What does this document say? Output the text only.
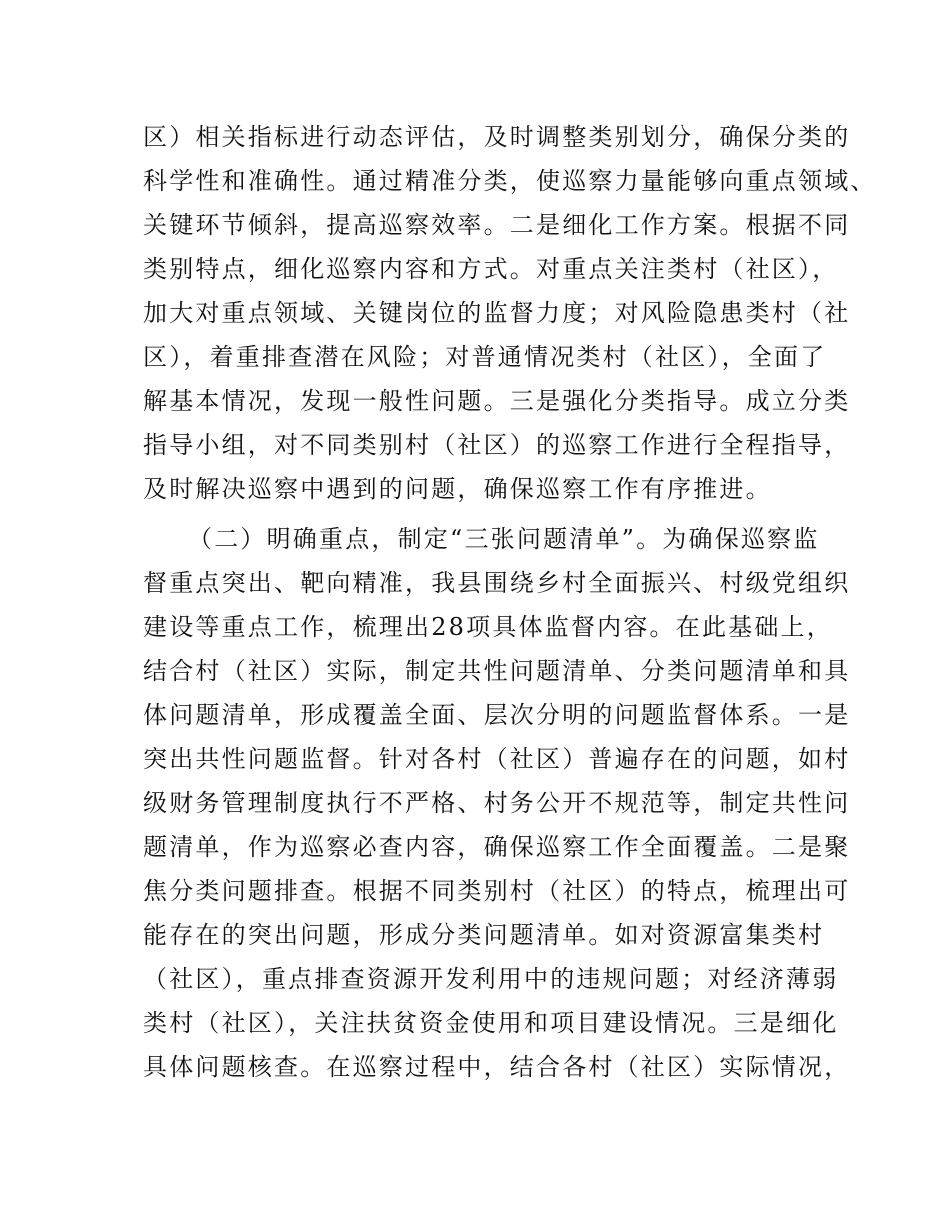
区）相关指标进行动态评估，及时调整类别划分，确保分类的
科学性和准确性。通过精准分类，使巡察力量能够向重点领域、
关键环节倾斜，提高巡察效率。二是细化工作方案。根据不同
类别特点，细化巡察内容和方式。对重点关注类村（社区），
加大对重点领域、关键岗位的监督力度；对风险隐患类村（社
区），着重排查潜在风险；对普通情况类村（社区），全面了
解基本情况，发现一般性问题。三是强化分类指导。成立分类
指导小组，对不同类别村（社区）的巡察工作进行全程指导，
及时解决巡察中遇到的问题，确保巡察工作有序推进。
（二）明确重点，制定“三张问题清单”。为确保巡察监
督重点突出、靶向精准，我县围绕乡村全面振兴、村级党组织
建设等重点工作，梳理出28项具体监督内容。在此基础上，
结合村（社区）实际，制定共性问题清单、分类问题清单和具
体问题清单，形成覆盖全面、层次分明的问题监督体系。一是
突出共性问题监督。针对各村（社区）普遍存在的问题，如村
级财务管理制度执行不严格、村务公开不规范等，制定共性问
题清单，作为巡察必查内容，确保巡察工作全面覆盖。二是聚
焦分类问题排查。根据不同类别村（社区）的特点，梳理出可
能存在的突出问题，形成分类问题清单。如对资源富集类村
（社区），重点排查资源开发利用中的违规问题；对经济薄弱
类村（社区），关注扶贫资金使用和项目建设情况。三是细化
具体问题核查。在巡察过程中，结合各村（社区）实际情况，
